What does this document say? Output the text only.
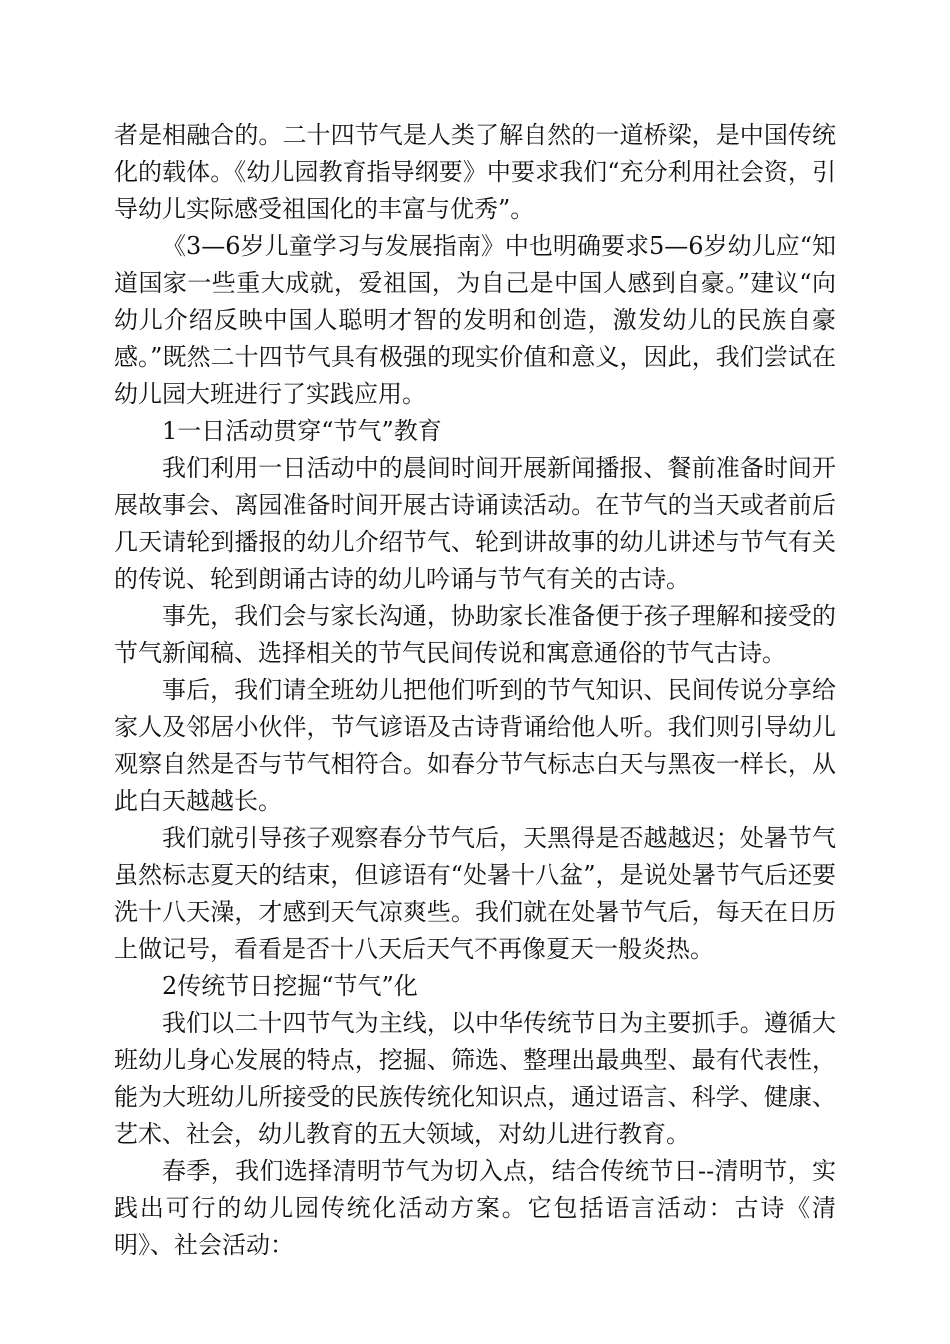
者是相融合的。二十四节气是人类了解自然的一道桥梁，是中国传统化的载体。《幼儿园教育指导纲要》中要求我们“充分利用社会资，引导幼儿实际感受祖国化的丰富与优秀”。

《3—6岁儿童学习与发展指南》中也明确要求5—6岁幼儿应“知道国家一些重大成就，爱祖国，为自己是中国人感到自豪。”建议“向幼儿介绍反映中国人聪明才智的发明和创造，激发幼儿的民族自豪感。”既然二十四节气具有极强的现实价值和意义，因此，我们尝试在幼儿园大班进行了实践应用。

1一日活动贯穿“节气”教育

我们利用一日活动中的晨间时间开展新闻播报、餐前准备时间开展故事会、离园准备时间开展古诗诵读活动。在节气的当天或者前后几天请轮到播报的幼儿介绍节气、轮到讲故事的幼儿讲述与节气有关的传说、轮到朗诵古诗的幼儿吟诵与节气有关的古诗。

事先，我们会与家长沟通，协助家长准备便于孩子理解和接受的节气新闻稿、选择相关的节气民间传说和寓意通俗的节气古诗。

事后，我们请全班幼儿把他们听到的节气知识、民间传说分享给家人及邻居小伙伴，节气谚语及古诗背诵给他人听。我们则引导幼儿观察自然是否与节气相符合。如春分节气标志白天与黑夜一样长，从此白天越越长。

我们就引导孩子观察春分节气后，天黑得是否越越迟；处暑节气虽然标志夏天的结束，但谚语有“处暑十八盆”，是说处暑节气后还要洗十八天澡，才感到天气凉爽些。我们就在处暑节气后，每天在日历上做记号，看看是否十八天后天气不再像夏天一般炎热。

2传统节日挖掘“节气”化

我们以二十四节气为主线，以中华传统节日为主要抓手。遵循大班幼儿身心发展的特点，挖掘、筛选、整理出最典型、最有代表性，能为大班幼儿所接受的民族传统化知识点，通过语言、科学、健康、艺术、社会，幼儿教育的五大领域，对幼儿进行教育。

春季，我们选择清明节气为切入点，结合传统节日--清明节，实践出可行的幼儿园传统化活动方案。它包括语言活动：古诗《清明》、社会活动：
